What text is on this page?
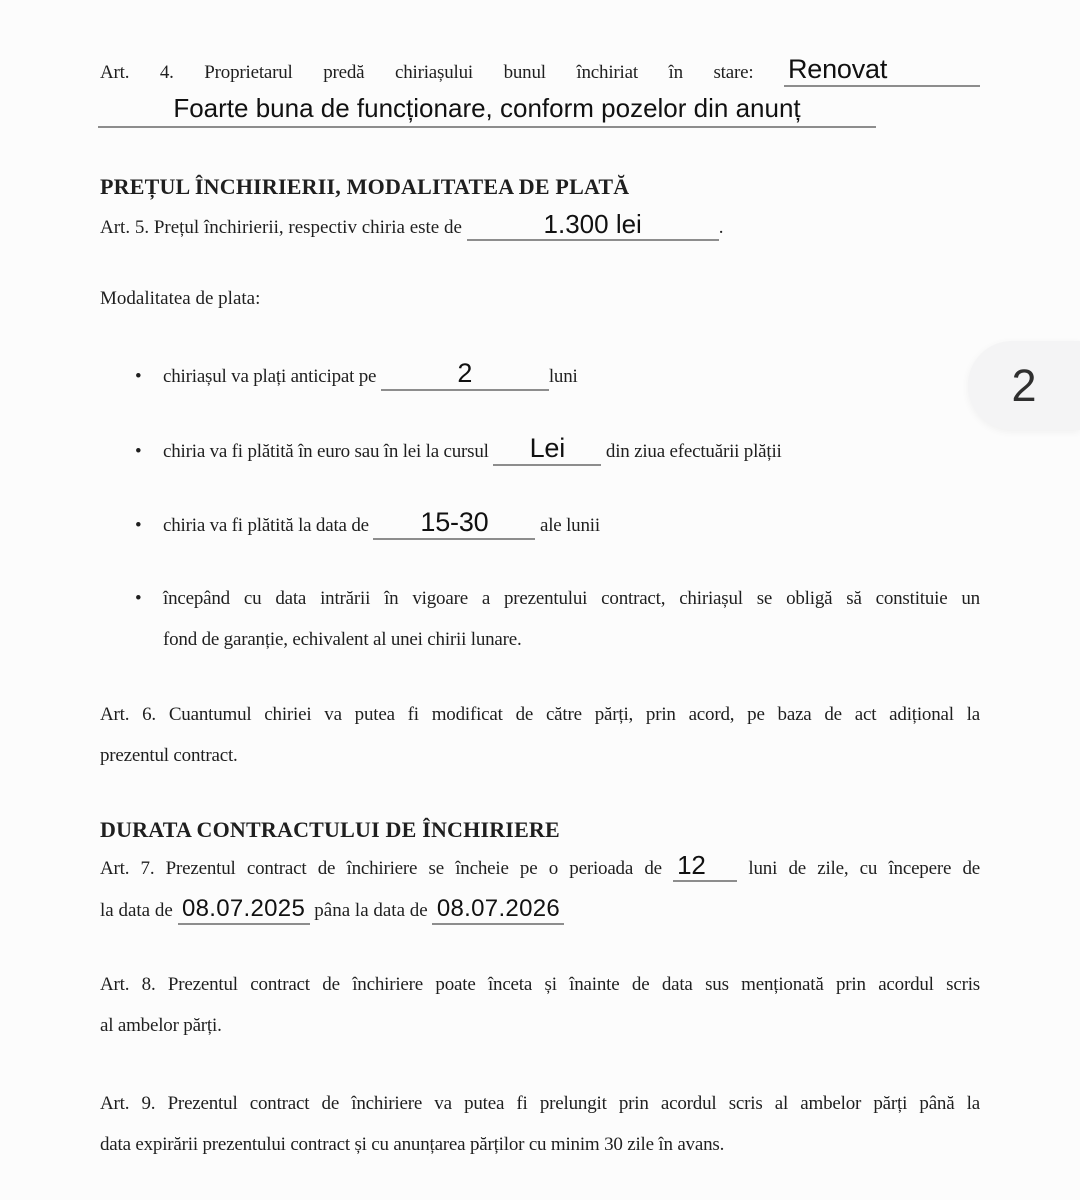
Art. 4. Proprietarul predă chiriașului bunul închiriat în stare: Renovat
Foarte buna de funcționare, conform pozelor din anunț
PREȚUL ÎNCHIRIERII, MODALITATEA DE PLATĂ
Art. 5. Prețul închirierii, respectiv chiria este de	1.300 lei	.
Modalitatea de plata:
•	chiriașul va plați anticipat pe	2	luni
•	chiria va fi plătită în euro sau în lei la cursul Lei din ziua efectuării plății
•	chiria va fi plătită la data de 15-30	ale lunii
•	începând cu data intrării în vigoare a prezentului contract, chiriașul se obligă să constituie un
fond de garanție, echivalent al unei chirii lunare.
Art. 6. Cuantumul chiriei va putea fi modificat de către părți, prin acord, pe baza de act adițional la
prezentul contract.
DURATA CONTRACTULUI DE ÎNCHIRIERE
Art. 7. Prezentul contract de închiriere se încheie pe o perioada de 12 luni de zile, cu începere de
la data de 08.07.2025 pâna la data de 08.07.2026
Art. 8. Prezentul contract de închiriere poate înceta și înainte de data sus menționată prin acordul scris
al ambelor părți.
Art. 9. Prezentul contract de închiriere va putea fi prelungit prin acordul scris al ambelor părți până la
data expirării prezentului contract și cu anunțarea părților cu minim 30 zile în avans.
2
